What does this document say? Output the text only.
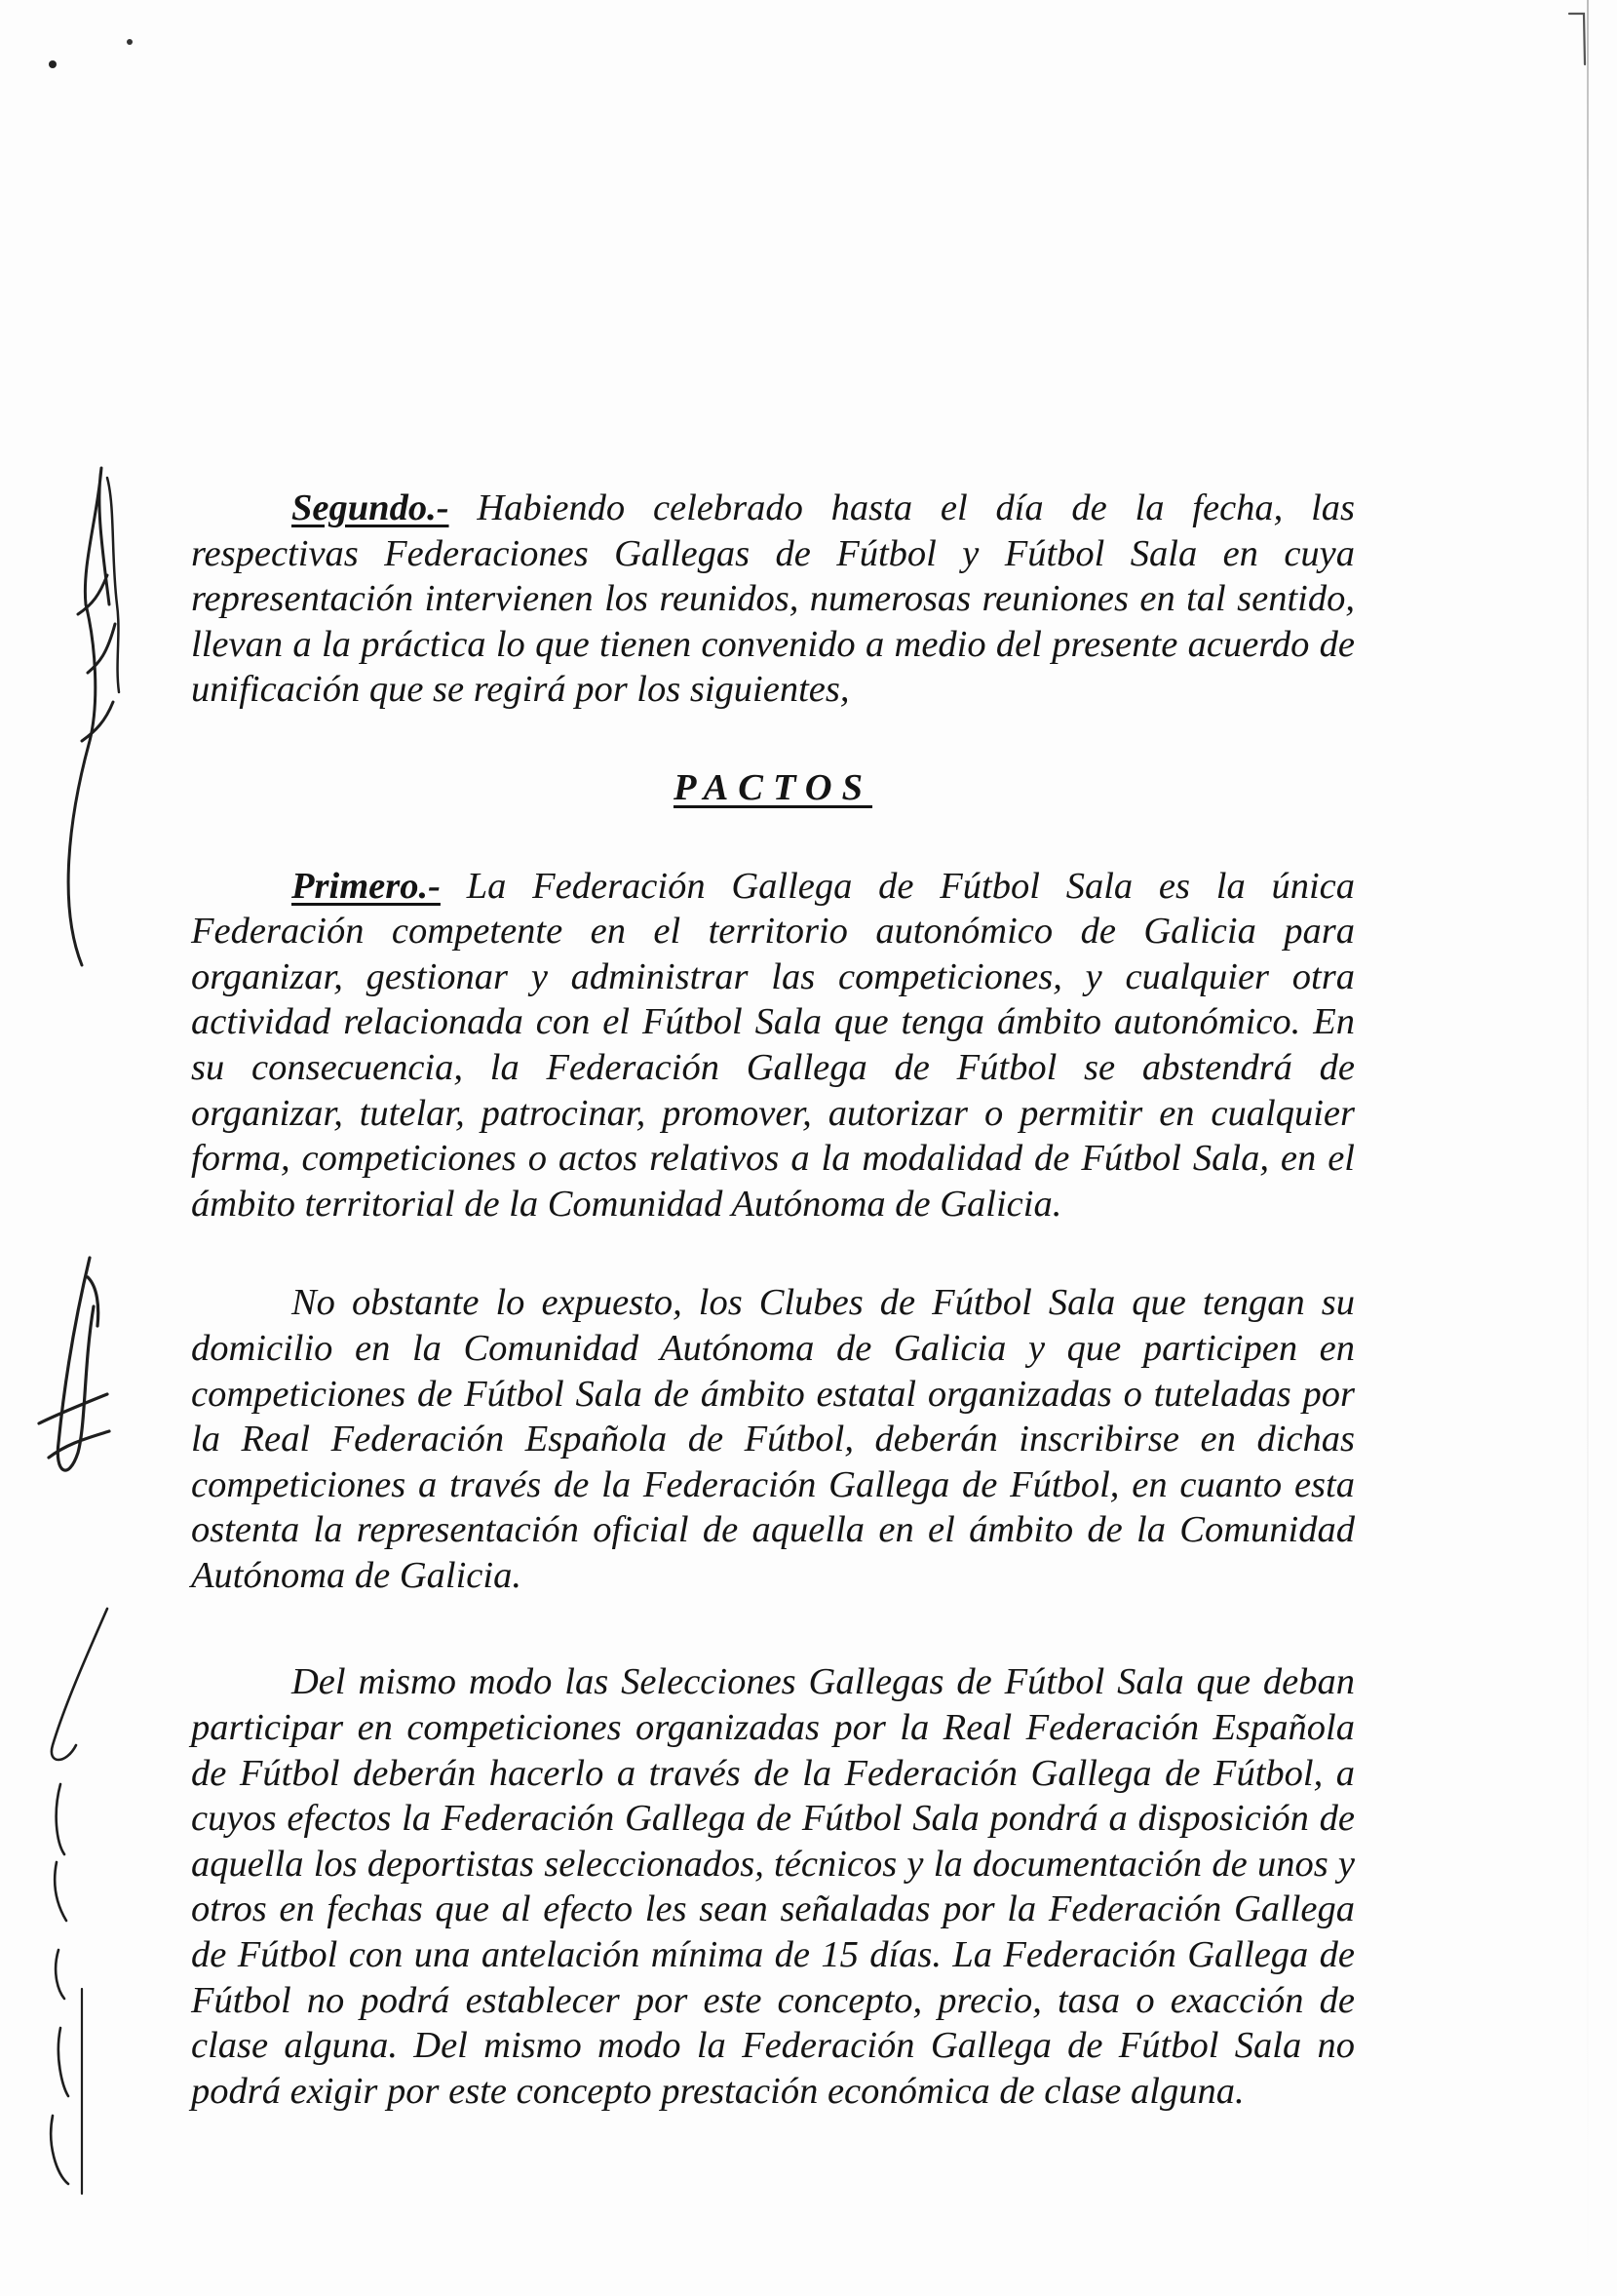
Segundo.- Habiendo celebrado hasta el día de la fecha, las respectivas Federaciones Gallegas de Fútbol y Fútbol Sala en cuya representación intervienen los reunidos, numerosas reuniones en tal sentido, llevan a la práctica lo que tienen convenido a medio del presente acuerdo de unificación que se regirá por los siguientes,

PACTOS

Primero.- La Federación Gallega de Fútbol Sala es la única Federación competente en el territorio autonómico de Galicia para organizar, gestionar y administrar las competiciones, y cualquier otra actividad relacionada con el Fútbol Sala que tenga ámbito autonómico. En su consecuencia, la Federación Gallega de Fútbol se abstendrá de organizar, tutelar, patrocinar, promover, autorizar o permitir en cualquier forma, competiciones o actos relativos a la modalidad de Fútbol Sala, en el ámbito territorial de la Comunidad Autónoma de Galicia.

No obstante lo expuesto, los Clubes de Fútbol Sala que tengan su domicilio en la Comunidad Autónoma de Galicia y que participen en competiciones de Fútbol Sala de ámbito estatal organizadas o tuteladas por la Real Federación Española de Fútbol, deberán inscribirse en dichas competiciones a través de la Federación Gallega de Fútbol, en cuanto esta ostenta la representación oficial de aquella en el ámbito de la Comunidad Autónoma de Galicia.

Del mismo modo las Selecciones Gallegas de Fútbol Sala que deban participar en competiciones organizadas por la Real Federación Española de Fútbol deberán hacerlo a través de la Federación Gallega de Fútbol, a cuyos efectos la Federación Gallega de Fútbol Sala pondrá a disposición de aquella los deportistas seleccionados, técnicos y la documentación de unos y otros en fechas que al efecto les sean señaladas por la Federación Gallega de Fútbol con una antelación mínima de 15 días. La Federación Gallega de Fútbol no podrá establecer por este concepto, precio, tasa o exacción de clase alguna. Del mismo modo la Federación Gallega de Fútbol Sala no podrá exigir por este concepto prestación económica de clase alguna.
